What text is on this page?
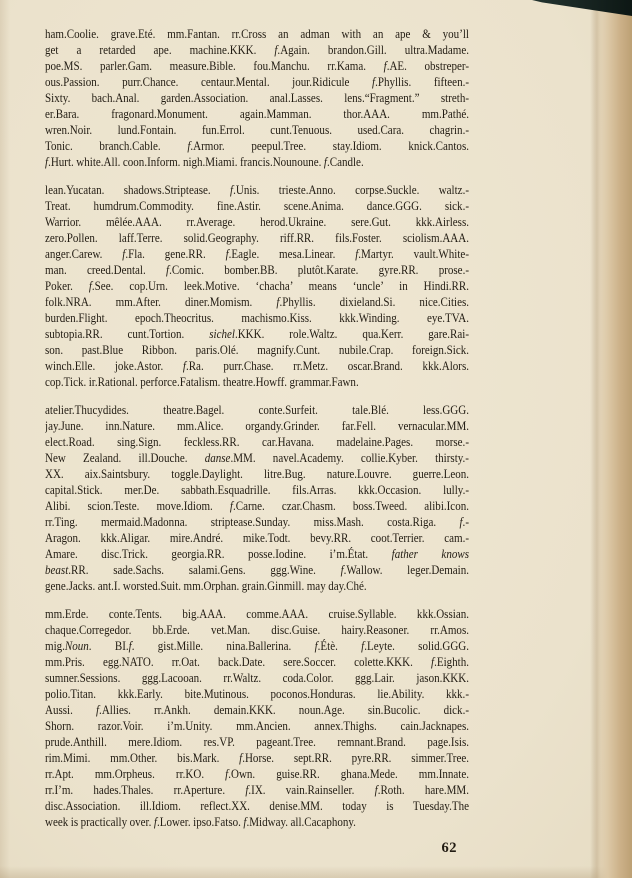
ham.Coolie. grave.Eté. mm.Fantan. rr.Cross an adman with an ape & you’ll
get a retarded ape. machine.KKK. f.Again. brandon.Gill. ultra.Madame.
poe.MS. parler.Gam. measure.Bible. fou.Manchu. rr.Kama. f.AE. obstreper-
ous.Passion. purr.Chance. centaur.Mental. jour.Ridicule f.Phyllis. fifteen.-
Sixty. bach.Anal. garden.Association. anal.Lasses. lens.“Fragment.” streth-
er.Bara. fragonard.Monument. again.Mamman. thor.AAA. mm.Pathé.
wren.Noir. lund.Fontain. fun.Errol. cunt.Tenuous. used.Cara. chagrin.-
Tonic. branch.Cable. f.Armor. peepul.Tree. stay.Idiom. knick.Cantos.
f.Hurt. white.All. coon.Inform. nigh.Miami. francis.Nounoune. f.Candle.
lean.Yucatan. shadows.Striptease. f.Unis. trieste.Anno. corpse.Suckle. waltz.-
Treat. humdrum.Commodity. fine.Astir. scene.Anima. dance.GGG. sick.-
Warrior. mêlée.AAA. rr.Average. herod.Ukraine. sere.Gut. kkk.Airless.
zero.Pollen. laff.Terre. solid.Geography. riff.RR. fils.Foster. sciolism.AAA.
anger.Carew. f.Fla. gene.RR. f.Eagle. mesa.Linear. f.Martyr. vault.White-
man. creed.Dental. f.Comic. bomber.BB. plutôt.Karate. gyre.RR. prose.-
Poker. f.See. cop.Urn. leek.Motive. ‘chacha’ means ‘uncle’ in Hindi.RR.
folk.NRA. mm.After. diner.Momism. f.Phyllis. dixieland.Si. nice.Cities.
burden.Flight. epoch.Theocritus. machismo.Kiss. kkk.Winding. eye.TVA.
subtopia.RR. cunt.Tortion. sichel.KKK. role.Waltz. qua.Kerr. gare.Rai-
son. past.Blue Ribbon. paris.Olé. magnify.Cunt. nubile.Crap. foreign.Sick.
winch.Elle. joke.Astor. f.Ra. purr.Chase. rr.Metz. oscar.Brand. kkk.Alors.
cop.Tick. ir.Rational. perforce.Fatalism. theatre.Howff. grammar.Fawn.
atelier.Thucydides. theatre.Bagel. conte.Surfeit. tale.Blé. less.GGG.
jay.June. inn.Nature. mm.Alice. organdy.Grinder. far.Fell. vernacular.MM.
elect.Road. sing.Sign. feckless.RR. car.Havana. madelaine.Pages. morse.-
New Zealand. ill.Douche. danse.MM. navel.Academy. collie.Kyber. thirsty.-
XX. aix.Saintsbury. toggle.Daylight. litre.Bug. nature.Louvre. guerre.Leon.
capital.Stick. mer.De. sabbath.Esquadrille. fils.Arras. kkk.Occasion. lully.-
Alibi. scion.Teste. move.Idiom. f.Carne. czar.Chasm. boss.Tweed. alibi.Icon.
rr.Ting. mermaid.Madonna. striptease.Sunday. miss.Mash. costa.Riga. f.-
Aragon. kkk.Aligar. mire.André. mike.Todt. bevy.RR. coot.Terrier. cam.-
Amare. disc.Trick. georgia.RR. posse.Iodine. i’m.État. father knows
beast.RR. sade.Sachs. salami.Gens. ggg.Wine. f.Wallow. leger.Demain.
gene.Jacks. ant.I. worsted.Suit. mm.Orphan. grain.Ginmill. may day.Ché.
mm.Erde. conte.Tents. big.AAA. comme.AAA. cruise.Syllable. kkk.Ossian.
chaque.Corregedor. bb.Erde. vet.Man. disc.Guise. hairy.Reasoner. rr.Amos.
mig.Noun. BI.f. gist.Mille. nina.Ballerina. f.Étè. f.Leyte. solid.GGG.
mm.Pris. egg.NATO. rr.Oat. back.Date. sere.Soccer. colette.KKK. f.Eighth.
sumner.Sessions. ggg.Lacooan. rr.Waltz. coda.Color. ggg.Lair. jason.KKK.
polio.Titan. kkk.Early. bite.Mutinous. poconos.Honduras. lie.Ability. kkk.-
Aussi. f.Allies. rr.Ankh. demain.KKK. noun.Age. sin.Bucolic. dick.-
Shorn. razor.Voir. i’m.Unity. mm.Ancien. annex.Thighs. cain.Jacknapes.
prude.Anthill. mere.Idiom. res.VP. pageant.Tree. remnant.Brand. page.Isis.
rim.Mimi. mm.Other. bis.Mark. f.Horse. sept.RR. pyre.RR. simmer.Tree.
rr.Apt. mm.Orpheus. rr.KO. f.Own. guise.RR. ghana.Mede. mm.Innate.
rr.I’m. hades.Thales. rr.Aperture. f.IX. vain.Rainseller. f.Roth. hare.MM.
disc.Association. ill.Idiom. reflect.XX. denise.MM. today is Tuesday.The
week is practically over. f.Lower. ipso.Fatso. f.Midway. all.Cacaphony.
62
